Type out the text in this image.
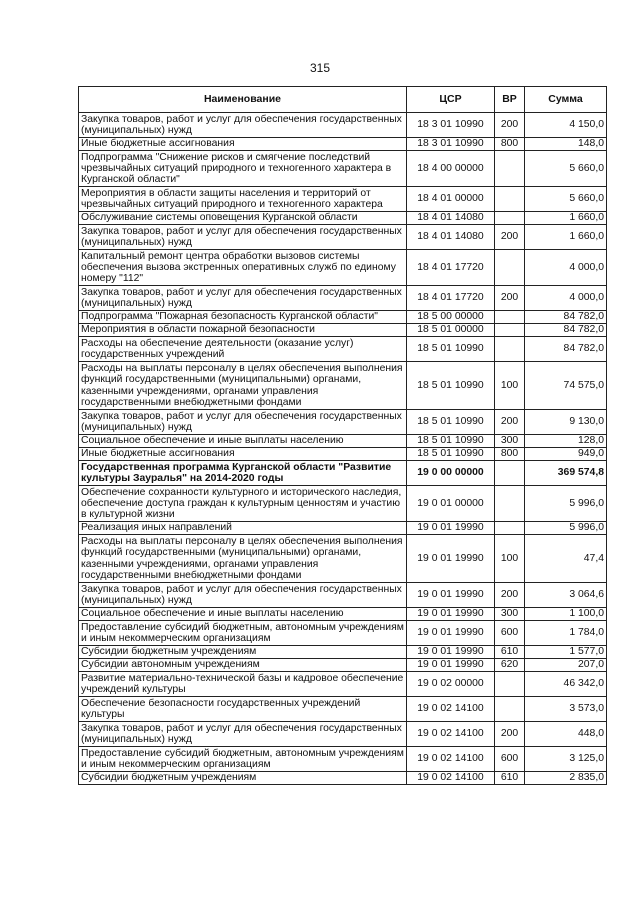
315
Наименование	ЦСР	ВР	Сумма
Закупка товаров, работ и услуг для обеспечения государственных (муниципальных) нужд	18 3 01 10990	200	4 150,0
Иные бюджетные ассигнования	18 3 01 10990	800	148,0
Подпрограмма "Снижение рисков и смягчение последствий чрезвычайных ситуаций природного и техногенного характера в Курганской области"	18 4 00 00000		5 660,0
Мероприятия в области защиты населения и территорий от чрезвычайных ситуаций природного и техногенного характера	18 4 01 00000		5 660,0
Обслуживание системы оповещения Курганской области	18 4 01 14080		1 660,0
Закупка товаров, работ и услуг для обеспечения государственных (муниципальных) нужд	18 4 01 14080	200	1 660,0
Капитальный ремонт центра обработки вызовов системы обеспечения вызова экстренных оперативных служб по единому номеру "112"	18 4 01 17720		4 000,0
Закупка товаров, работ и услуг для обеспечения государственных (муниципальных) нужд	18 4 01 17720	200	4 000,0
Подпрограмма "Пожарная безопасность Курганской области"	18 5 00 00000		84 782,0
Мероприятия в области пожарной безопасности	18 5 01 00000		84 782,0
Расходы на обеспечение деятельности (оказание услуг) государственных учреждений	18 5 01 10990		84 782,0
Расходы на выплаты персоналу в целях обеспечения выполнения функций государственными (муниципальными) органами, казенными учреждениями, органами управления государственными внебюджетными фондами	18 5 01 10990	100	74 575,0
Закупка товаров, работ и услуг для обеспечения государственных (муниципальных) нужд	18 5 01 10990	200	9 130,0
Социальное обеспечение и иные выплаты населению	18 5 01 10990	300	128,0
Иные бюджетные ассигнования	18 5 01 10990	800	949,0
Государственная программа Курганской области "Развитие культуры Зауралья" на 2014-2020 годы	19 0 00 00000		369 574,8
Обеспечение сохранности культурного и исторического наследия, обеспечение доступа граждан к культурным ценностям и участию в культурной жизни	19 0 01 00000		5 996,0
Реализация иных направлений	19 0 01 19990		5 996,0
Расходы на выплаты персоналу в целях обеспечения выполнения функций государственными (муниципальными) органами, казенными учреждениями, органами управления государственными внебюджетными фондами	19 0 01 19990	100	47,4
Закупка товаров, работ и услуг для обеспечения государственных (муниципальных) нужд	19 0 01 19990	200	3 064,6
Социальное обеспечение и иные выплаты населению	19 0 01 19990	300	1 100,0
Предоставление субсидий бюджетным, автономным учреждениям и иным некоммерческим организациям	19 0 01 19990	600	1 784,0
Субсидии бюджетным учреждениям	19 0 01 19990	610	1 577,0
Субсидии автономным учреждениям	19 0 01 19990	620	207,0
Развитие материально-технической базы и кадровое обеспечение учреждений культуры	19 0 02 00000		46 342,0
Обеспечение безопасности государственных учреждений культуры	19 0 02 14100		3 573,0
Закупка товаров, работ и услуг для обеспечения государственных (муниципальных) нужд	19 0 02 14100	200	448,0
Предоставление субсидий бюджетным, автономным учреждениям и иным некоммерческим организациям	19 0 02 14100	600	3 125,0
Субсидии бюджетным учреждениям	19 0 02 14100	610	2 835,0
